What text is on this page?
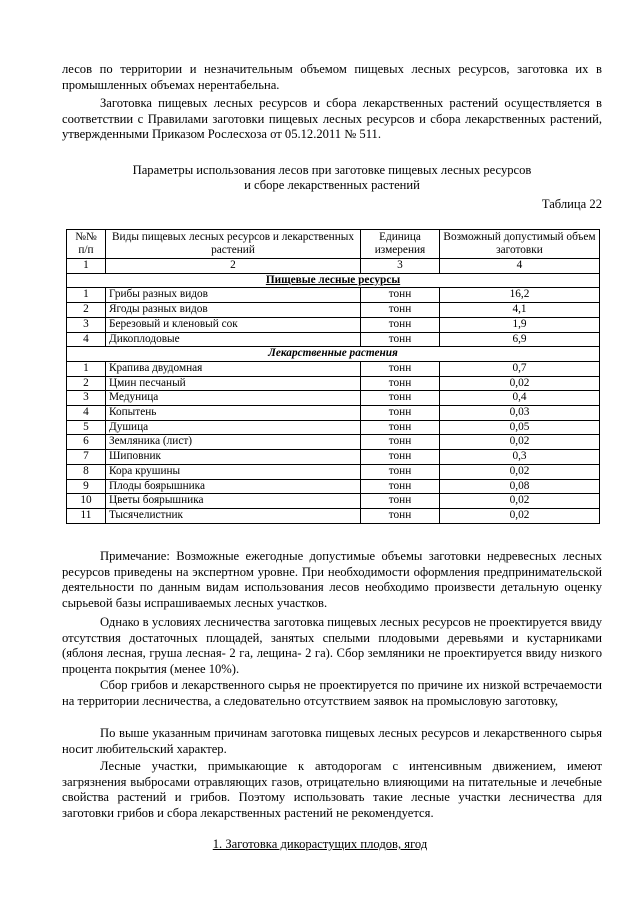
лесов по территории и незначительным объемом пищевых лесных ресурсов, заготовка их в промышленных объемах нерентабельна.

Заготовка пищевых лесных ресурсов и сбора лекарственных растений осуществляется в соответствии с Правилами заготовки пищевых лесных ресурсов и сбора лекарственных растений, утвержденными Приказом Рослесхоза от 05.12.2011 № 511.

Параметры использования лесов при заготовке пищевых лесных ресурсов

и сборе лекарственных растений

Таблица 22

№№ п/п	Виды пищевых лесных ресурсов и лекарственных растений	Единица измерения	Возможный допустимый объем заготовки
1	2	3	4
Пищевые лесные ресурсы			
1	Грибы разных видов	тонн	16,2
2	Ягоды разных видов	тонн	4,1
3	Березовый и кленовый сок	тонн	1,9
4	Дикоплодовые	тонн	6,9
Лекарственные растения			
1	Крапива двудомная	тонн	0,7
2	Цмин песчаный	тонн	0,02
3	Медуница	тонн	0,4
4	Копытень	тонн	0,03
5	Душица	тонн	0,05
6	Земляника (лист)	тонн	0,02
7	Шиповник	тонн	0,3
8	Кора крушины	тонн	0,02
9	Плоды боярышника	тонн	0,08
10	Цветы боярышника	тонн	0,02
11	Тысячелистник	тонн	0,02

Примечание: Возможные ежегодные допустимые объемы заготовки недревесных лесных ресурсов приведены на экспертном уровне. При необходимости оформления предпринимательской деятельности по данным видам использования лесов необходимо произвести детальную оценку сырьевой базы испрашиваемых лесных участков.

Однако в условиях лесничества заготовка пищевых лесных ресурсов не проектируется ввиду отсутствия достаточных площадей, занятых спелыми плодовыми деревьями и кустарниками (яблоня лесная, груша лесная- 2 га, лещина- 2 га). Сбор земляники не проектируется ввиду низкого процента покрытия (менее 10%).

Сбор грибов и лекарственного сырья не проектируется по причине их низкой встречаемости на территории лесничества, а следовательно отсутствием заявок на промысловую заготовку,

По выше указанным причинам заготовка пищевых лесных ресурсов и лекарственного сырья носит любительский характер.

Лесные участки, примыкающие к автодорогам с интенсивным движением, имеют загрязнения выбросами отравляющих газов, отрицательно влияющими на питательные и лечебные свойства растений и грибов. Поэтому использовать такие лесные участки лесничества для заготовки грибов и сбора лекарственных растений не рекомендуется.

1. Заготовка дикорастущих плодов, ягод
